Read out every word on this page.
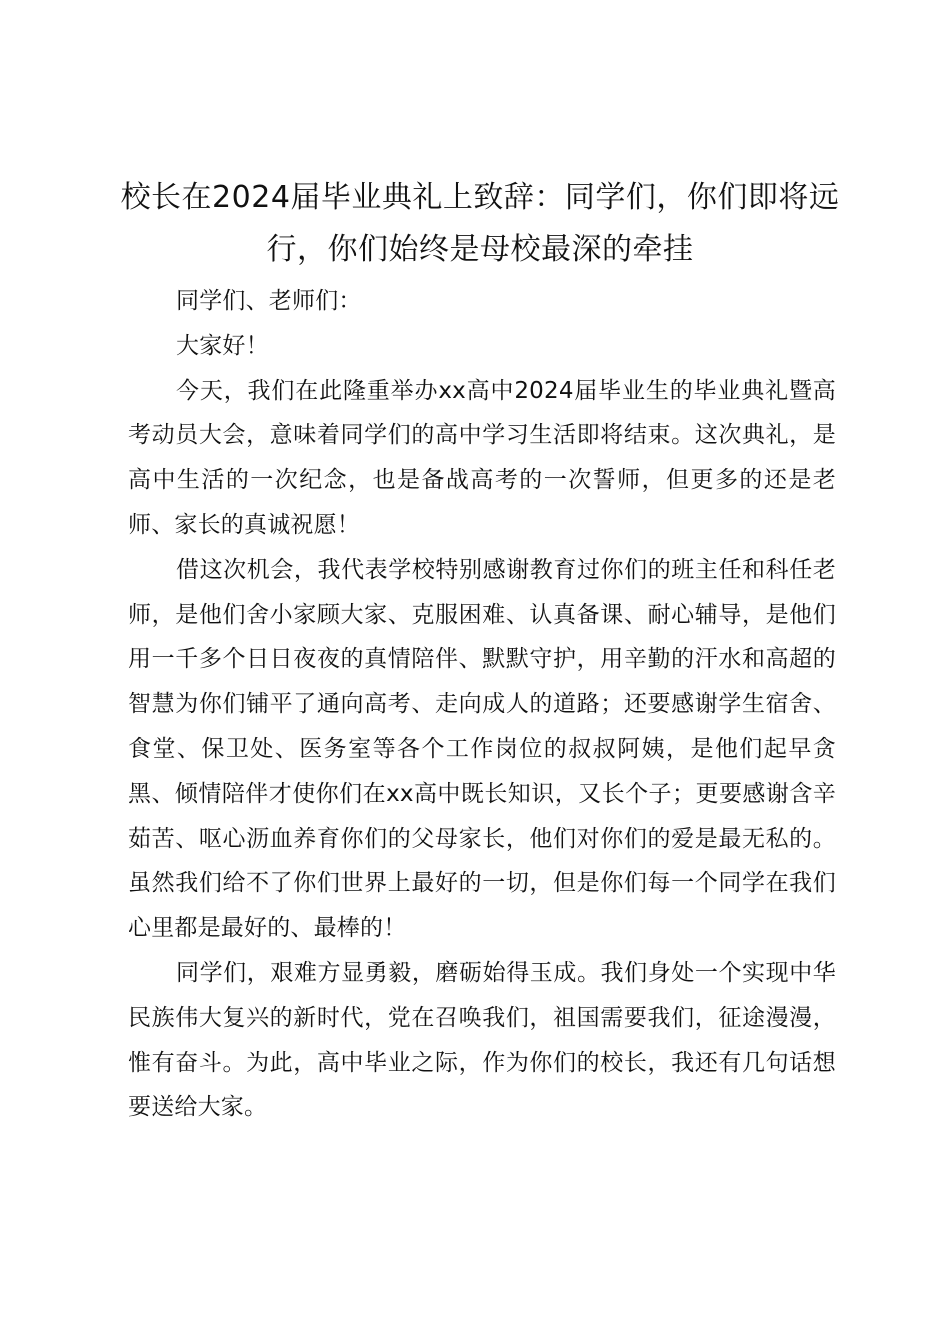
校长在2024届毕业典礼上致辞：同学们，你们即将远行，你们始终是母校最深的牵挂

同学们、老师们：

大家好！

今天，我们在此隆重举办xx高中2024届毕业生的毕业典礼暨高考动员大会，意味着同学们的高中学习生活即将结束。这次典礼，是高中生活的一次纪念，也是备战高考的一次誓师，但更多的还是老师、家长的真诚祝愿！

借这次机会，我代表学校特别感谢教育过你们的班主任和科任老师，是他们舍小家顾大家、克服困难、认真备课、耐心辅导，是他们用一千多个日日夜夜的真情陪伴、默默守护，用辛勤的汗水和高超的智慧为你们铺平了通向高考、走向成人的道路；还要感谢学生宿舍、食堂、保卫处、医务室等各个工作岗位的叔叔阿姨，是他们起早贪黑、倾情陪伴才使你们在xx高中既长知识，又长个子；更要感谢含辛茹苦、呕心沥血养育你们的父母家长，他们对你们的爱是最无私的。虽然我们给不了你们世界上最好的一切，但是你们每一个同学在我们心里都是最好的、最棒的！

同学们，艰难方显勇毅，磨砺始得玉成。我们身处一个实现中华民族伟大复兴的新时代，党在召唤我们，祖国需要我们，征途漫漫，惟有奋斗。为此，高中毕业之际，作为你们的校长，我还有几句话想要送给大家。
